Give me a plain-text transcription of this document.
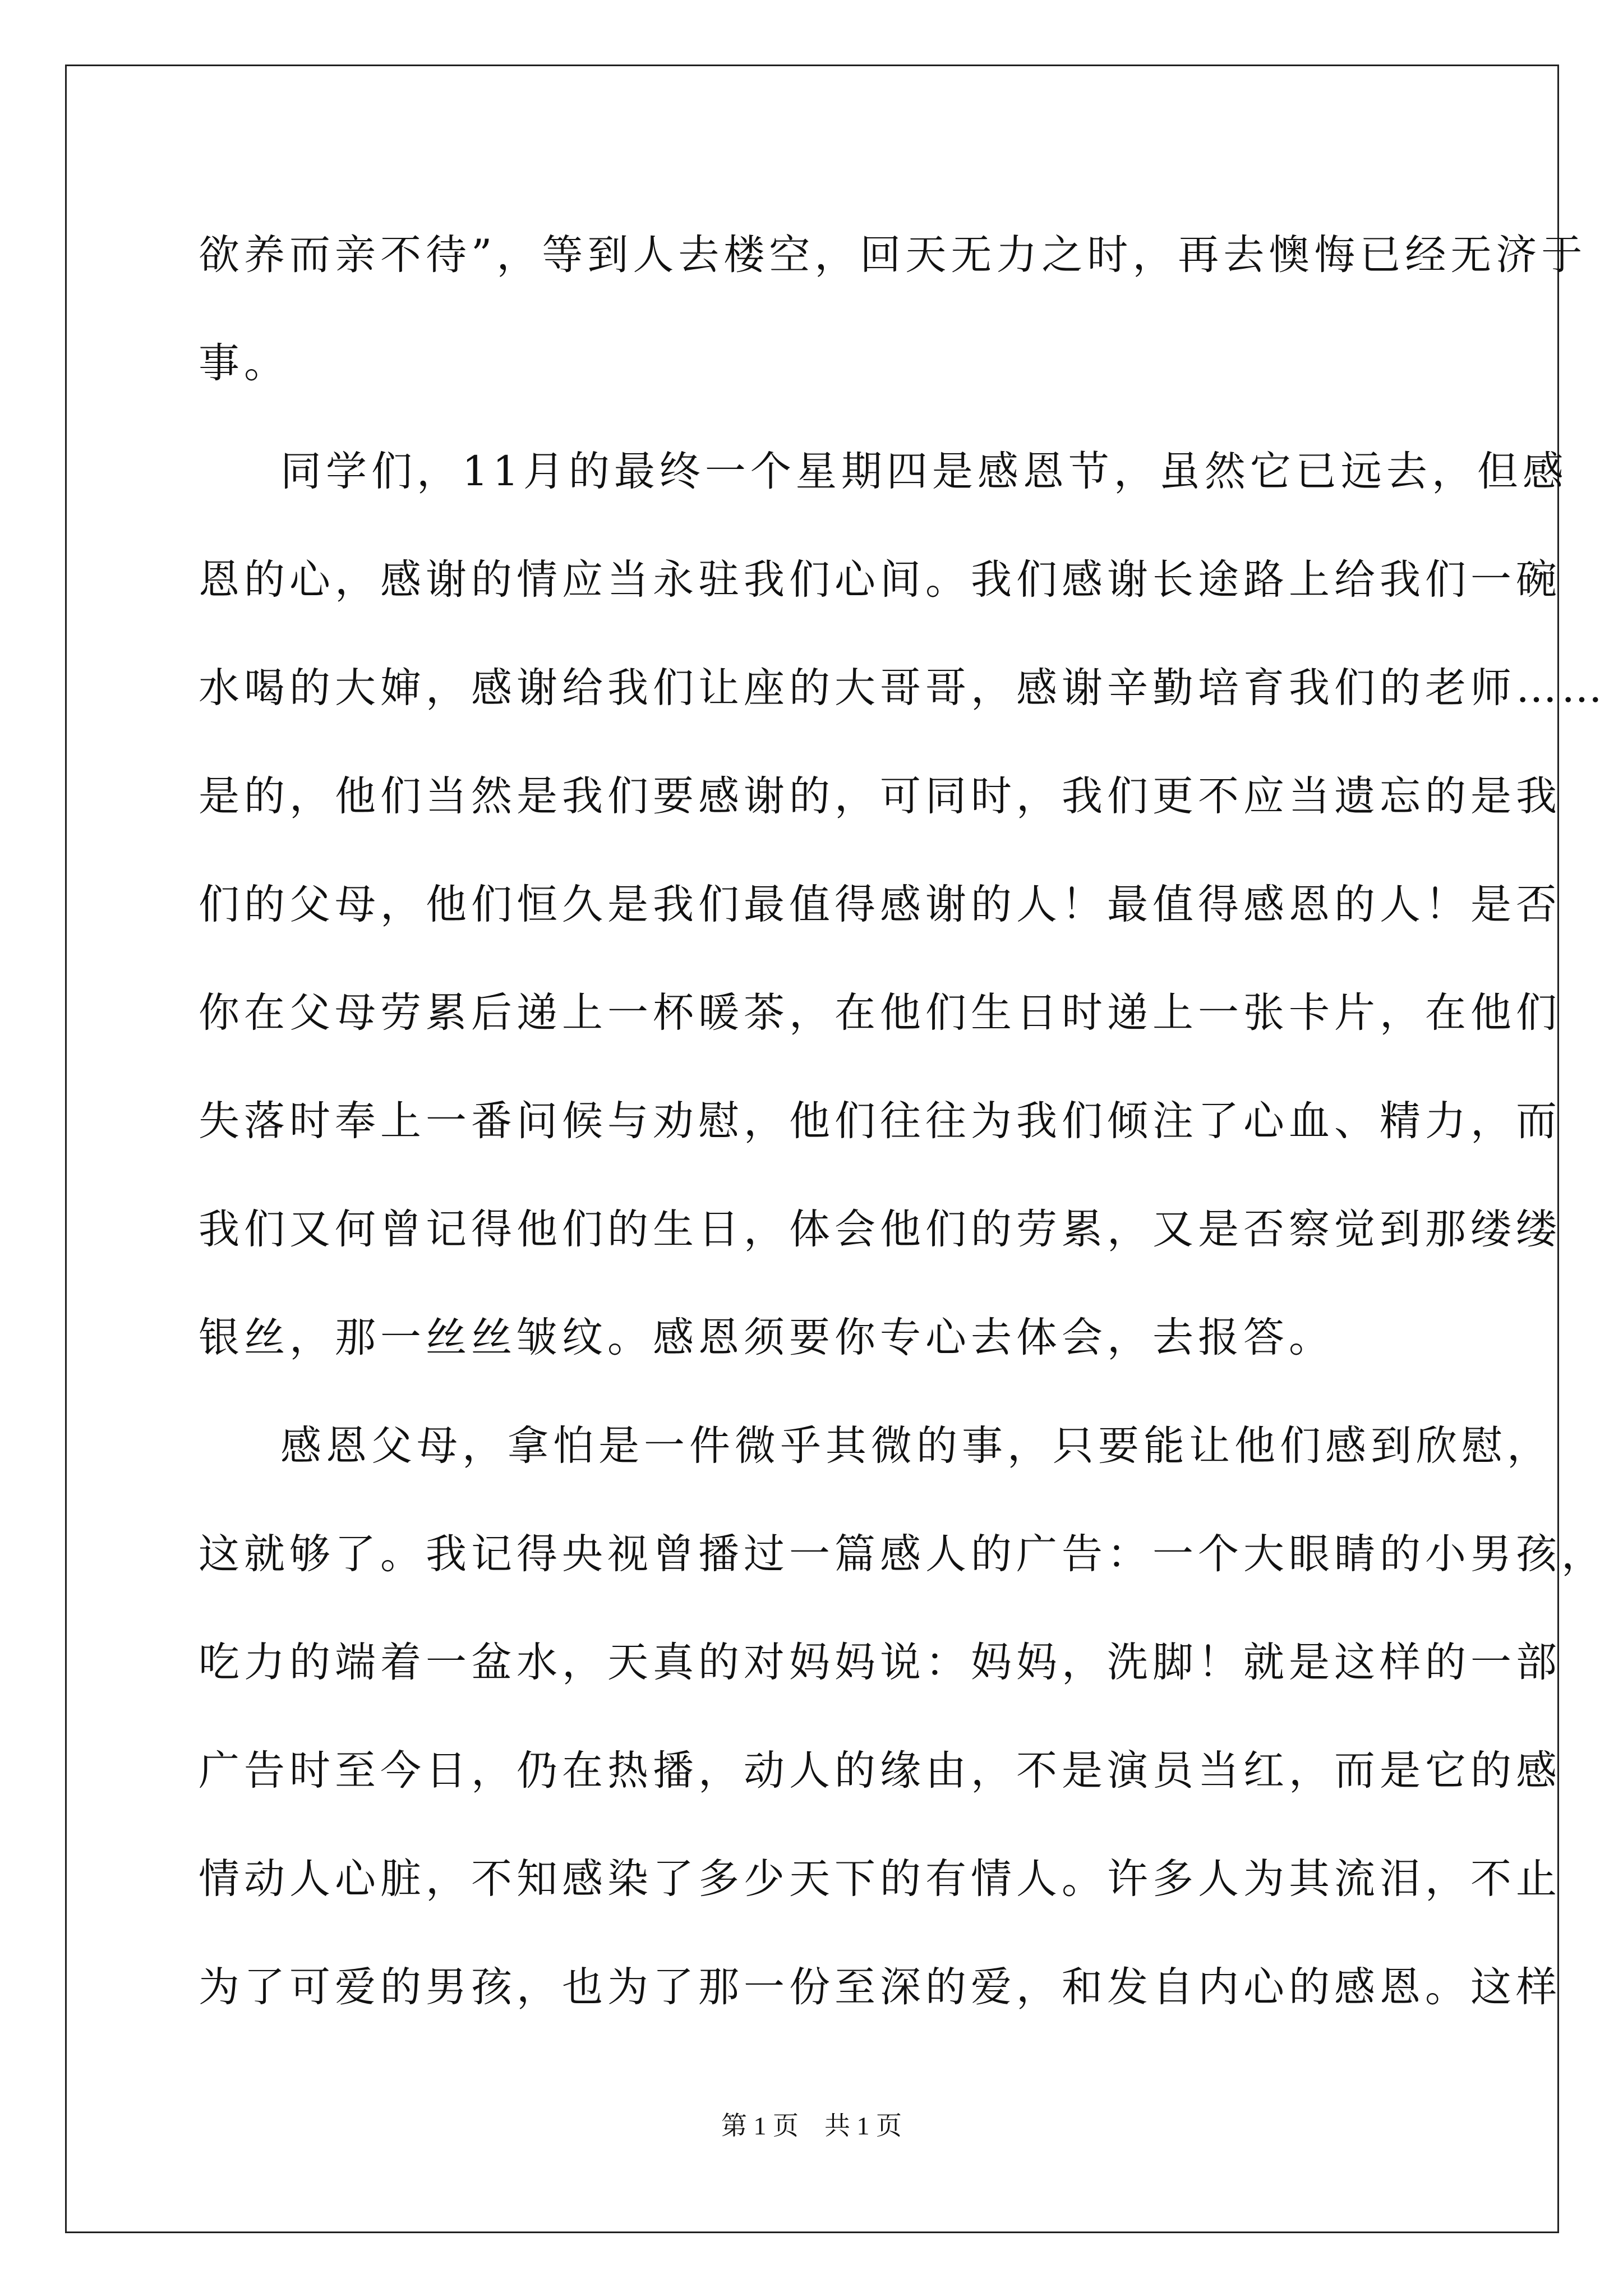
欲养而亲不待”，等到人去楼空，回天无力之时，再去懊悔已经无济于
事。
同学们，11月的最终一个星期四是感恩节，虽然它已远去，但感
恩的心，感谢的情应当永驻我们心间。我们感谢长途路上给我们一碗
水喝的大婶，感谢给我们让座的大哥哥，感谢辛勤培育我们的老师……
是的，他们当然是我们要感谢的，可同时，我们更不应当遗忘的是我
们的父母，他们恒久是我们最值得感谢的人！最值得感恩的人！是否
你在父母劳累后递上一杯暖茶，在他们生日时递上一张卡片，在他们
失落时奉上一番问候与劝慰，他们往往为我们倾注了心血、精力，而
我们又何曾记得他们的生日，体会他们的劳累，又是否察觉到那缕缕
银丝，那一丝丝皱纹。感恩须要你专心去体会，去报答。
感恩父母，拿怕是一件微乎其微的事，只要能让他们感到欣慰，
这就够了。我记得央视曾播过一篇感人的广告：一个大眼睛的小男孩，
吃力的端着一盆水，天真的对妈妈说：妈妈，洗脚！就是这样的一部
广告时至今日，仍在热播，动人的缘由，不是演员当红，而是它的感
情动人心脏，不知感染了多少天下的有情人。许多人为其流泪，不止
为了可爱的男孩，也为了那一份至深的爱，和发自内心的感恩。这样
第 1 页　共 1 页
